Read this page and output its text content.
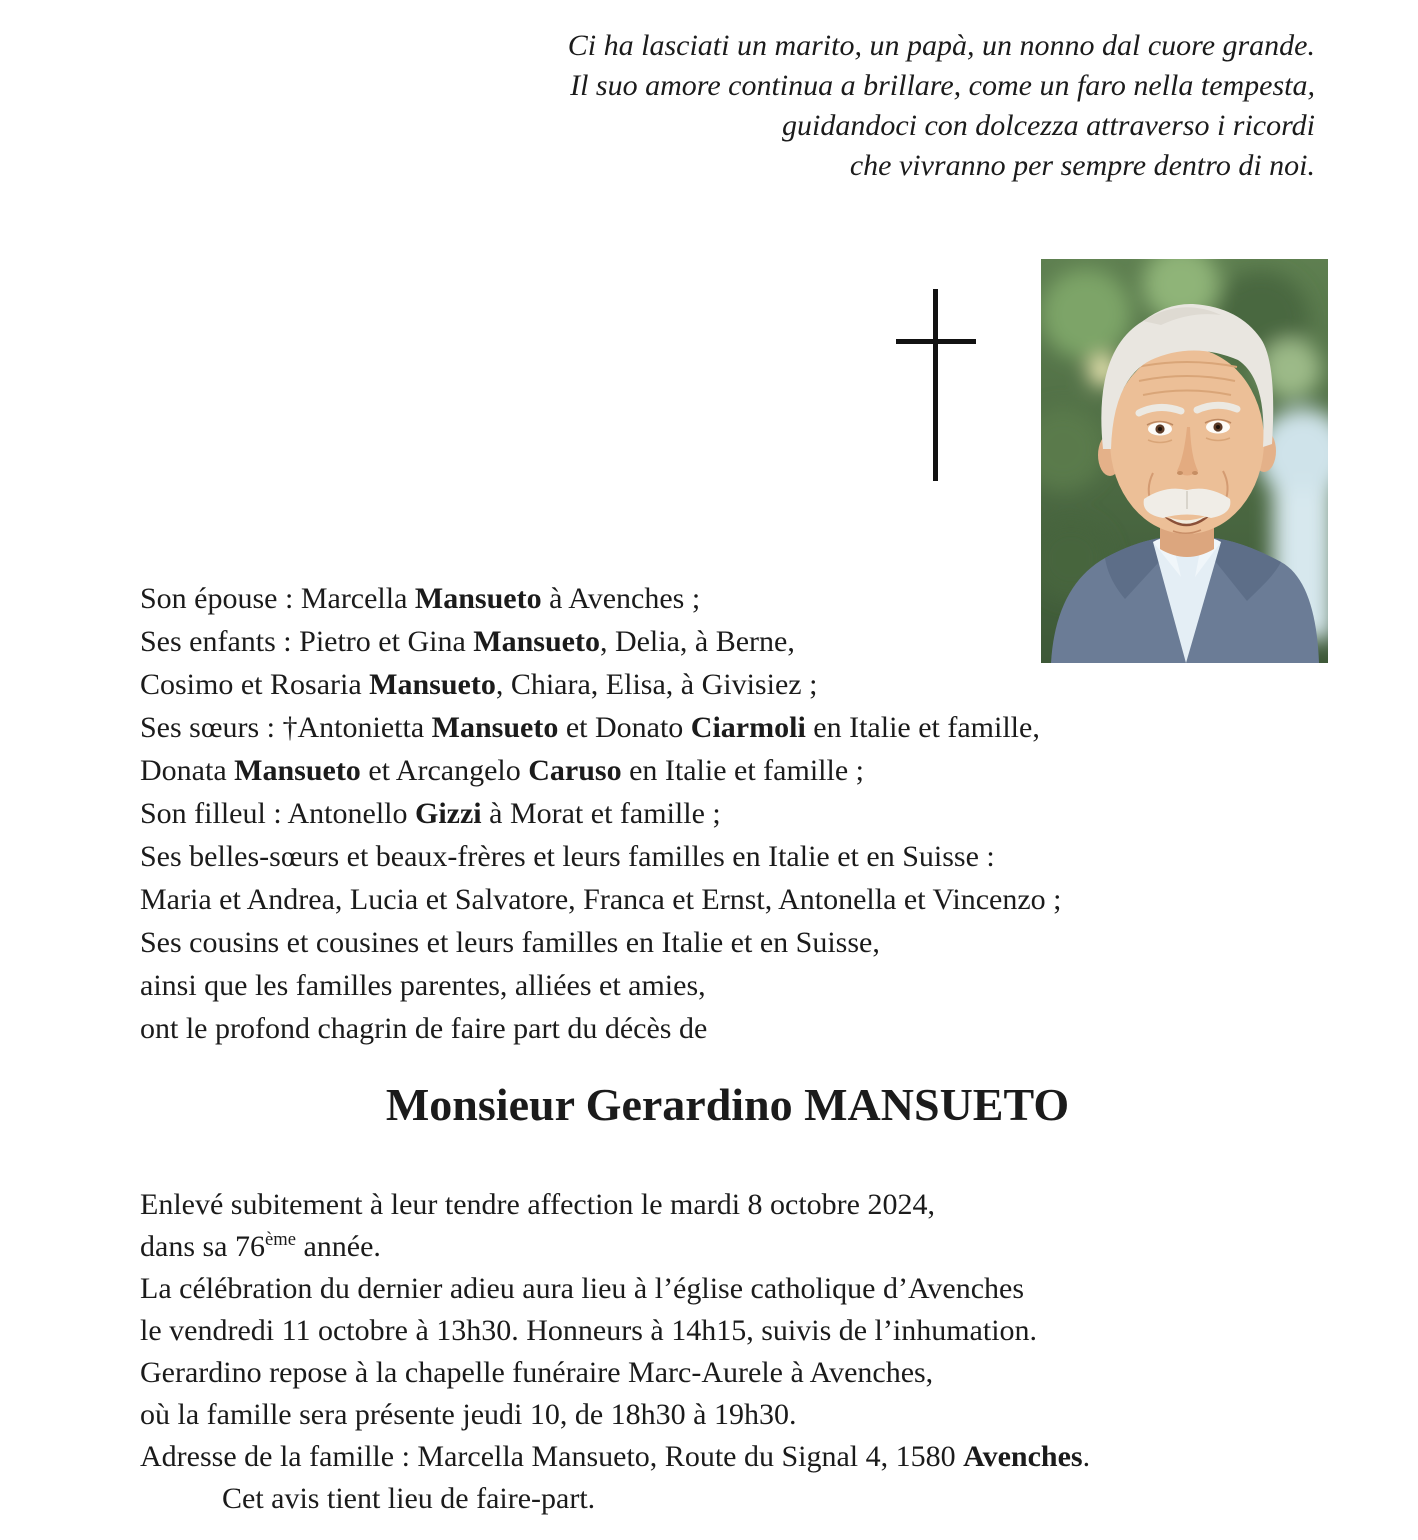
Ci ha lasciati un marito, un papà, un nonno dal cuore grande.
Il suo amore continua a brillare, come un faro nella tempesta,
guidandoci con dolcezza attraverso i ricordi
che vivranno per sempre dentro di noi.
Son épouse : Marcella Mansueto à Avenches ;
Ses enfants : Pietro et Gina Mansueto, Delia, à Berne,
Cosimo et Rosaria Mansueto, Chiara, Elisa, à Givisiez ;
Ses sœurs : †Antonietta Mansueto et Donato Ciarmoli en Italie et famille,
Donata Mansueto et Arcangelo Caruso en Italie et famille ;
Son filleul : Antonello Gizzi à Morat et famille ;
Ses belles-sœurs et beaux-frères et leurs familles en Italie et en Suisse :
Maria et Andrea, Lucia et Salvatore, Franca et Ernst, Antonella et Vincenzo ;
Ses cousins et cousines et leurs familles en Italie et en Suisse,
ainsi que les familles parentes, alliées et amies,
ont le profond chagrin de faire part du décès de
Monsieur Gerardino MANSUETO
Enlevé subitement à leur tendre affection le mardi 8 octobre 2024,
dans sa 76ème année.
La célébration du dernier adieu aura lieu à l’église catholique d’Avenches
le vendredi 11 octobre à 13h30. Honneurs à 14h15, suivis de l’inhumation.
Gerardino repose à la chapelle funéraire Marc-Aurele à Avenches,
où la famille sera présente jeudi 10, de 18h30 à 19h30.
Adresse de la famille : Marcella Mansueto, Route du Signal 4, 1580 Avenches.
Cet avis tient lieu de faire-part.
